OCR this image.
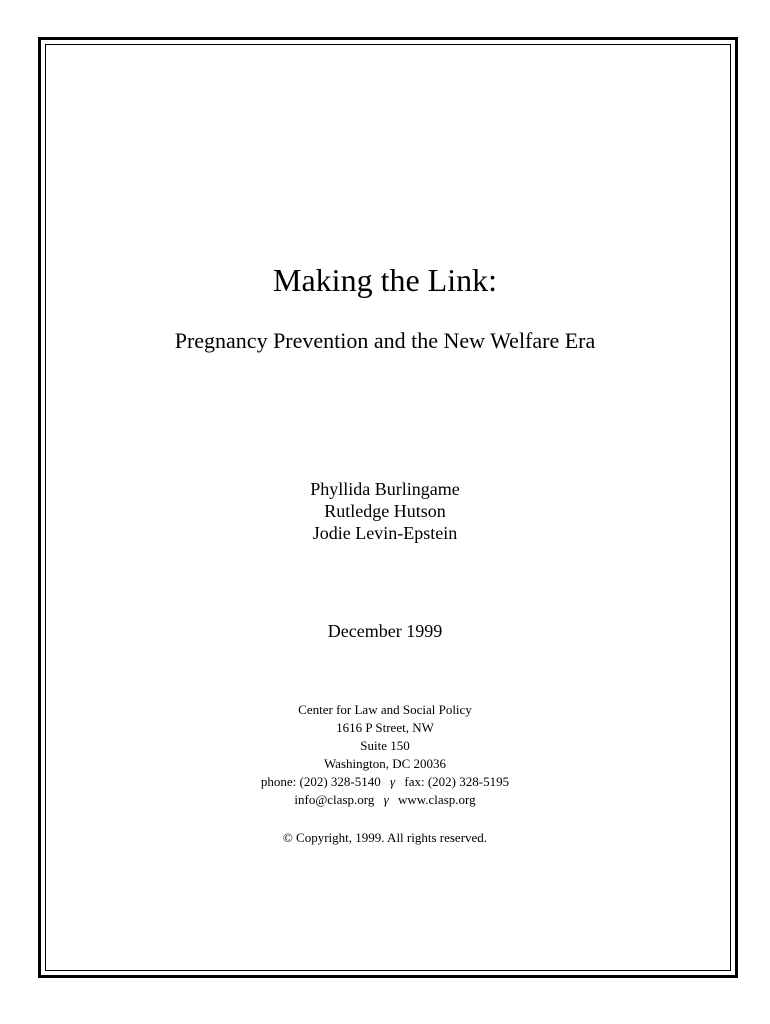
Making the Link:
Pregnancy Prevention and the New Welfare Era
Phyllida Burlingame
Rutledge Hutson
Jodie Levin-Epstein
December 1999
Center for Law and Social Policy
1616 P Street, NW
Suite 150
Washington, DC 20036
phone: (202) 328-5140 γ fax: (202) 328-5195
info@clasp.org γ www.clasp.org
© Copyright, 1999. All rights reserved.
